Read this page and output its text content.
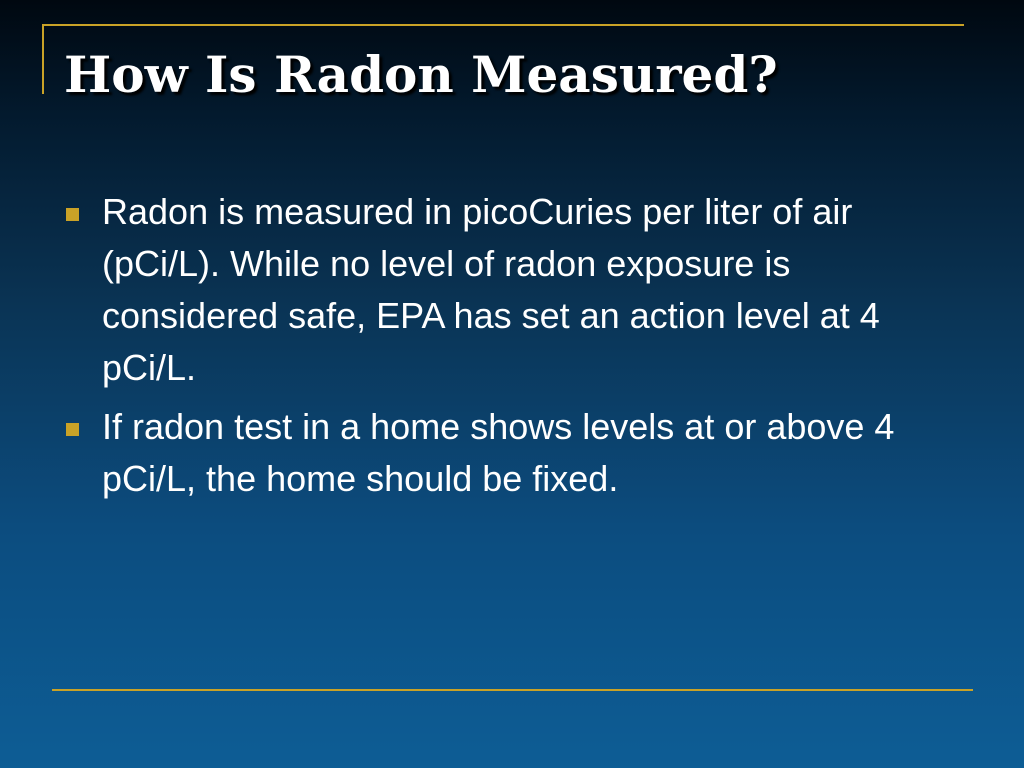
How Is Radon Measured?
Radon is measured in picoCuries per liter of air (pCi/L). While no level of radon exposure is considered safe, EPA has set an action level at 4 pCi/L.
If radon test in a home shows levels at or above 4 pCi/L, the home should be fixed.
